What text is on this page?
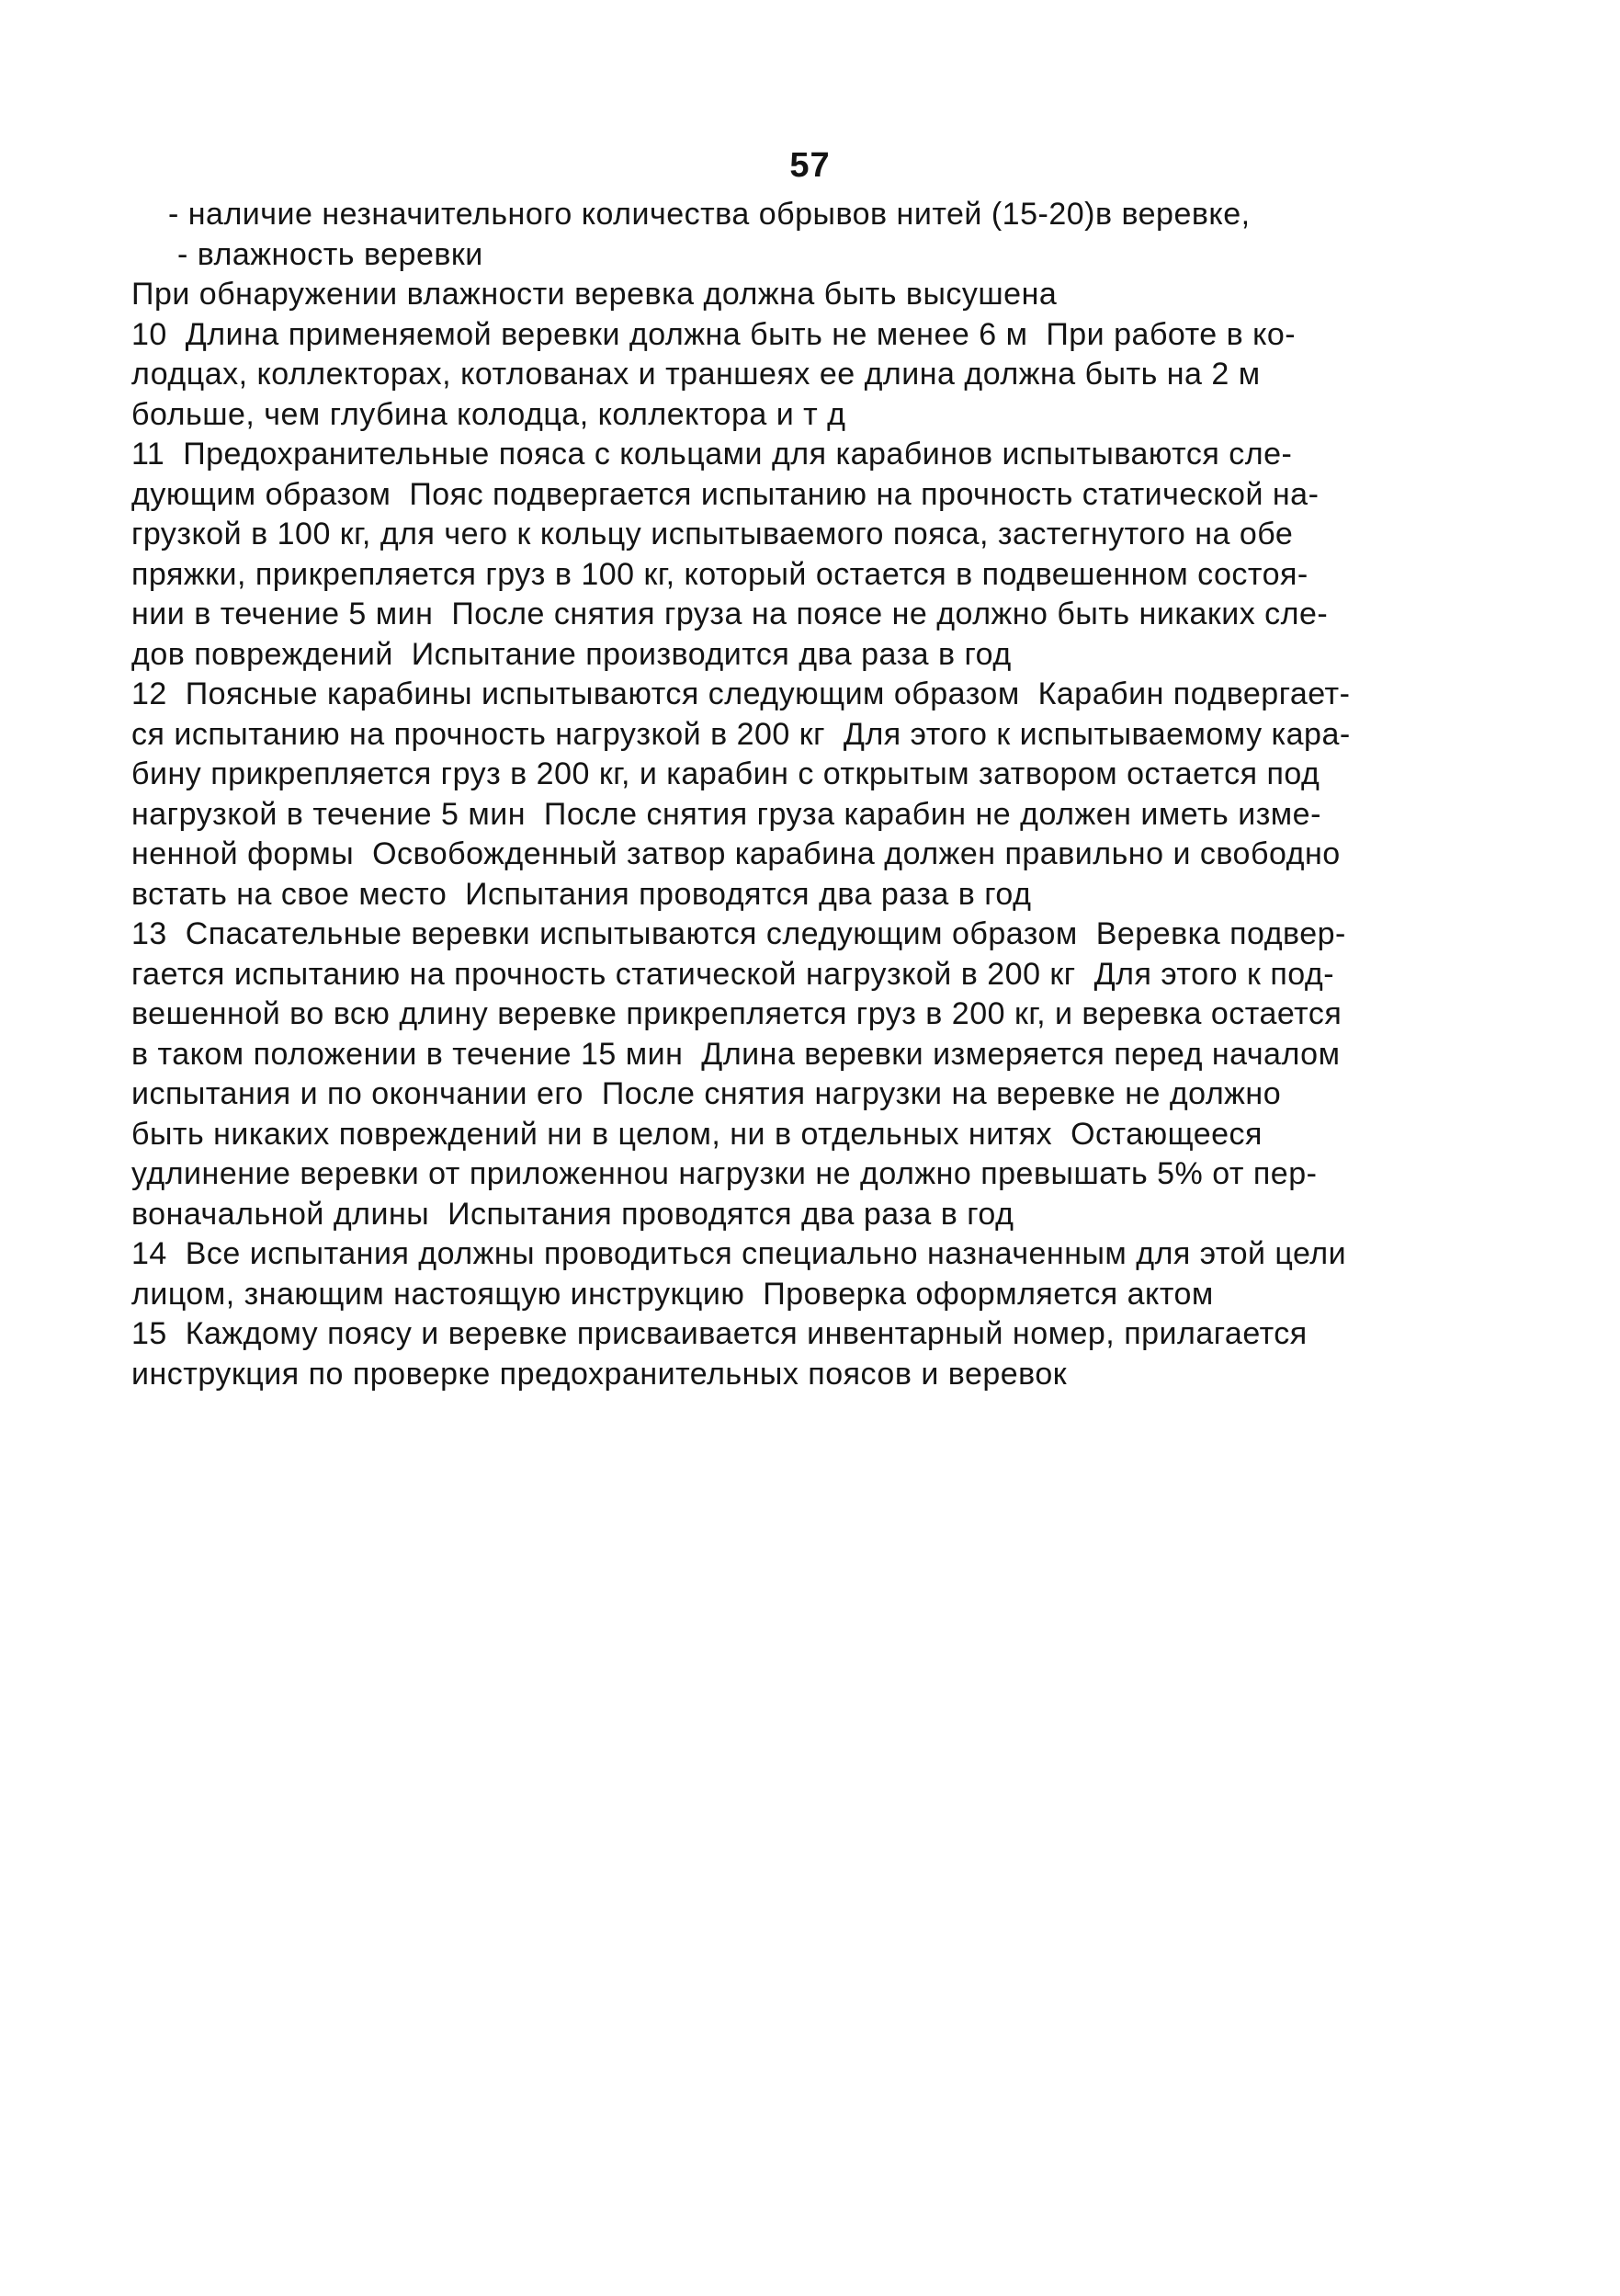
57
- наличие незначительного количества обрывов нитей (15-20)в веревке,
- влажность веревки
При обнаружении влажности веревка должна быть высушена
10  Длина применяемой веревки должна быть не менее 6 м  При работе в ко-
лодцах, коллекторах, котлованах и траншеях ее длина должна быть на 2 м
больше, чем глубина колодца, коллектора и т д
11  Предохранительные пояса с кольцами для карабинов испытываются сле-
дующим образом  Пояс подвергается испытанию на прочность статической на-
грузкой в 100 кг, для чего к кольцу испытываемого пояса, застегнутого на обе
пряжки, прикрепляется груз в 100 кг, который остается в подвешенном состоя-
нии в течение 5 мин  После снятия груза на поясе не должно быть никаких сле-
дов повреждений  Испытание производится два раза в год
12  Поясные карабины испытываются следующим образом  Карабин подвергает-
ся испытанию на прочность нагрузкой в 200 кг  Для этого к испытываемому кара-
бину прикрепляется груз в 200 кг, и карабин с открытым затвором остается под
нагрузкой в течение 5 мин  После снятия груза карабин не должен иметь изме-
ненной формы  Освобожденный затвор карабина должен правильно и свободно
встать на свое место  Испытания проводятся два раза в год
13  Спасательные веревки испытываются следующим образом  Веревка подвер-
гается испытанию на прочность статической нагрузкой в 200 кг  Для этого к под-
вешенной во всю длину веревке прикрепляется груз в 200 кг, и веревка остается
в таком положении в течение 15 мин  Длина веревки измеряется перед началом
испытания и по окончании его  После снятия нагрузки на веревке не должно
быть никаких повреждений ни в целом, ни в отдельных нитях  Остающееся
удлинение веревки от приложенноu нагрузки не должно превышать 5% от пер-
воначальной длины  Испытания проводятся два раза в год
14  Все испытания должны проводиться специально назначенным для этой цели
лицом, знающим настоящую инструкцию  Проверка оформляется актом
15  Каждому поясу и веревке присваивается инвентарный номер, прилагается
инструкция по проверке предохранительных поясов и веревок
